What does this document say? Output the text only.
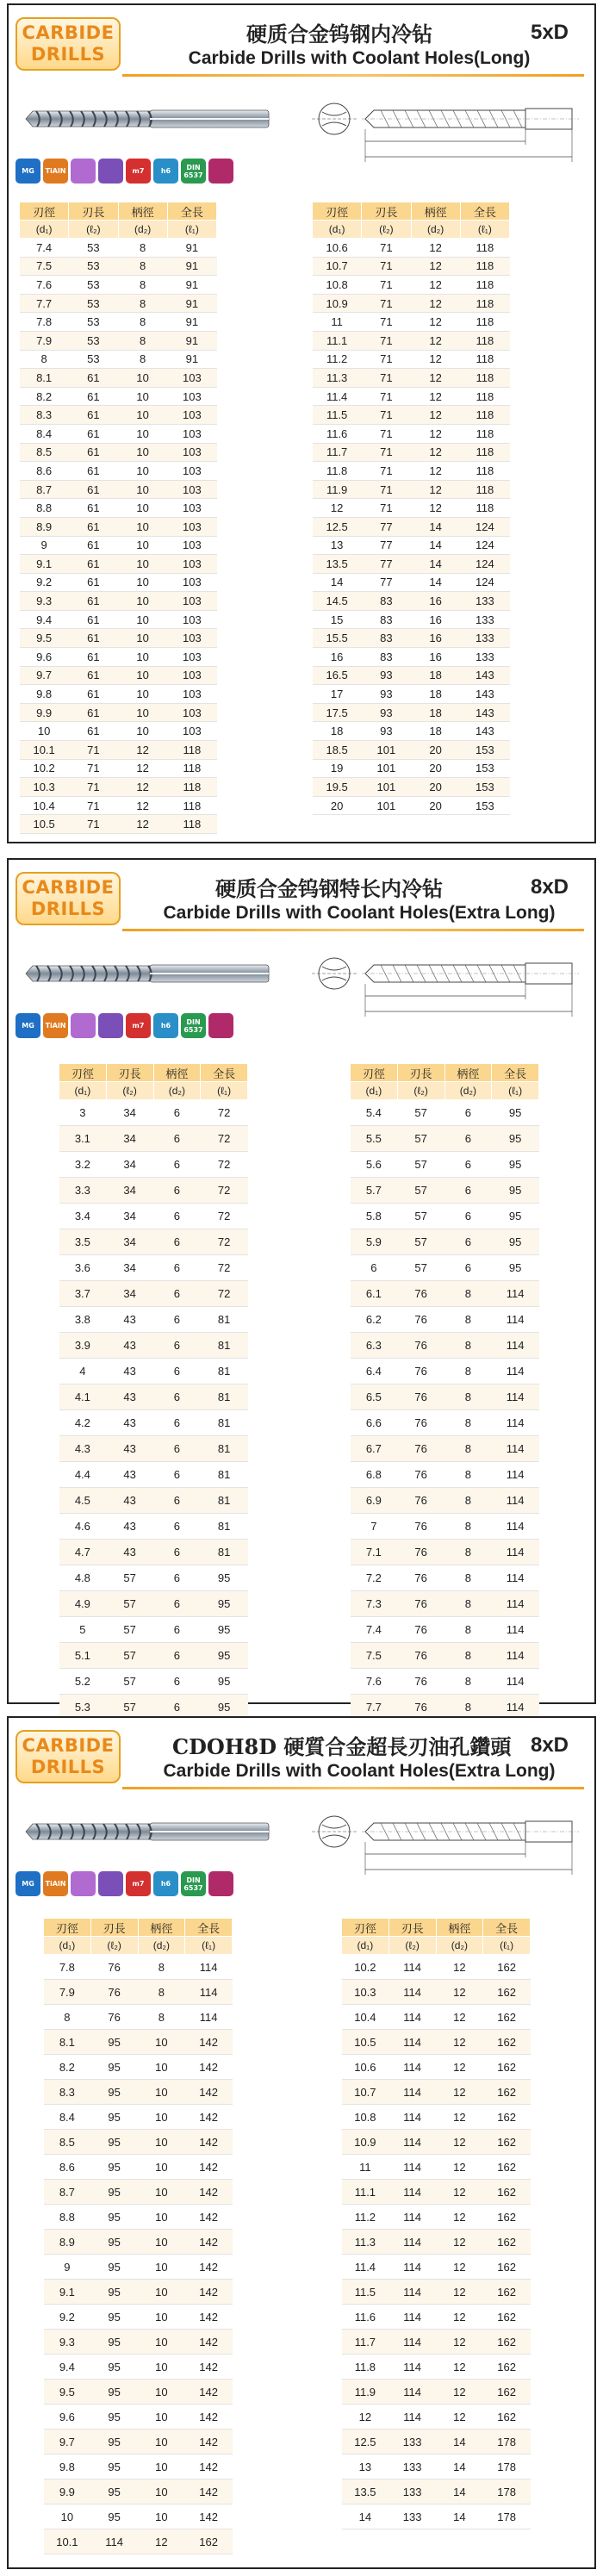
CARBIDE
DRILLS
硬质合金钨钢内冷钻	5xD
Carbide Drills with Coolant Holes(Long)
MG	TiAlN	m7	h6	DIN 6537
刃徑	刃長	柄徑	全長
(d₁)	(ℓ₂)	(d₂)	(ℓ₁)
7.4	53	8	91
7.5	53	8	91
7.6	53	8	91
7.7	53	8	91
7.8	53	8	91
7.9	53	8	91
8	53	8	91
8.1	61	10	103
8.2	61	10	103
8.3	61	10	103
8.4	61	10	103
8.5	61	10	103
8.6	61	10	103
8.7	61	10	103
8.8	61	10	103
8.9	61	10	103
9	61	10	103
9.1	61	10	103
9.2	61	10	103
9.3	61	10	103
9.4	61	10	103
9.5	61	10	103
9.6	61	10	103
9.7	61	10	103
9.8	61	10	103
9.9	61	10	103
10	61	10	103
10.1	71	12	118
10.2	71	12	118
10.3	71	12	118
10.4	71	12	118
10.5	71	12	118
刃徑	刃長	柄徑	全長
(d₁)	(ℓ₂)	(d₂)	(ℓ₁)
10.6	71	12	118
10.7	71	12	118
10.8	71	12	118
10.9	71	12	118
11	71	12	118
11.1	71	12	118
11.2	71	12	118
11.3	71	12	118
11.4	71	12	118
11.5	71	12	118
11.6	71	12	118
11.7	71	12	118
11.8	71	12	118
11.9	71	12	118
12	71	12	118
12.5	77	14	124
13	77	14	124
13.5	77	14	124
14	77	14	124
14.5	83	16	133
15	83	16	133
15.5	83	16	133
16	83	16	133
16.5	93	18	143
17	93	18	143
17.5	93	18	143
18	93	18	143
18.5	101	20	153
19	101	20	153
19.5	101	20	153
20	101	20	153
CARBIDE
DRILLS
硬质合金钨钢特长内冷钻	8xD
Carbide Drills with Coolant Holes(Extra Long)
MG	TiAlN	m7	h6	DIN 6537
刃徑	刃長	柄徑	全長
(d₁)	(ℓ₂)	(d₂)	(ℓ₁)
3	34	6	72
3.1	34	6	72
3.2	34	6	72
3.3	34	6	72
3.4	34	6	72
3.5	34	6	72
3.6	34	6	72
3.7	34	6	72
3.8	43	6	81
3.9	43	6	81
4	43	6	81
4.1	43	6	81
4.2	43	6	81
4.3	43	6	81
4.4	43	6	81
4.5	43	6	81
4.6	43	6	81
4.7	43	6	81
4.8	57	6	95
4.9	57	6	95
5	57	6	95
5.1	57	6	95
5.2	57	6	95
5.3	57	6	95
刃徑	刃長	柄徑	全長
(d₁)	(ℓ₂)	(d₂)	(ℓ₁)
5.4	57	6	95
5.5	57	6	95
5.6	57	6	95
5.7	57	6	95
5.8	57	6	95
5.9	57	6	95
6	57	6	95
6.1	76	8	114
6.2	76	8	114
6.3	76	8	114
6.4	76	8	114
6.5	76	8	114
6.6	76	8	114
6.7	76	8	114
6.8	76	8	114
6.9	76	8	114
7	76	8	114
7.1	76	8	114
7.2	76	8	114
7.3	76	8	114
7.4	76	8	114
7.5	76	8	114
7.6	76	8	114
7.7	76	8	114
CARBIDE
DRILLS
CDOH8D 硬質合金超長刃油孔鑽頭 8xD
Carbide Drills with Coolant Holes(Extra Long)
MG	TiAlN	m7	h6	DIN 6537
刃徑	刃長	柄徑	全長
(d₁)	(ℓ₂)	(d₂)	(ℓ₁)
7.8	76	8	114
7.9	76	8	114
8	76	8	114
8.1	95	10	142
8.2	95	10	142
8.3	95	10	142
8.4	95	10	142
8.5	95	10	142
8.6	95	10	142
8.7	95	10	142
8.8	95	10	142
8.9	95	10	142
9	95	10	142
9.1	95	10	142
9.2	95	10	142
9.3	95	10	142
9.4	95	10	142
9.5	95	10	142
9.6	95	10	142
9.7	95	10	142
9.8	95	10	142
9.9	95	10	142
10	95	10	142
10.1	114	12	162
刃徑	刃長	柄徑	全長
(d₁)	(ℓ₂)	(d₂)	(ℓ₁)
10.2	114	12	162
10.3	114	12	162
10.4	114	12	162
10.5	114	12	162
10.6	114	12	162
10.7	114	12	162
10.8	114	12	162
10.9	114	12	162
11	114	12	162
11.1	114	12	162
11.2	114	12	162
11.3	114	12	162
11.4	114	12	162
11.5	114	12	162
11.6	114	12	162
11.7	114	12	162
11.8	114	12	162
11.9	114	12	162
12	114	12	162
12.5	133	14	178
13	133	14	178
13.5	133	14	178
14	133	14	178
